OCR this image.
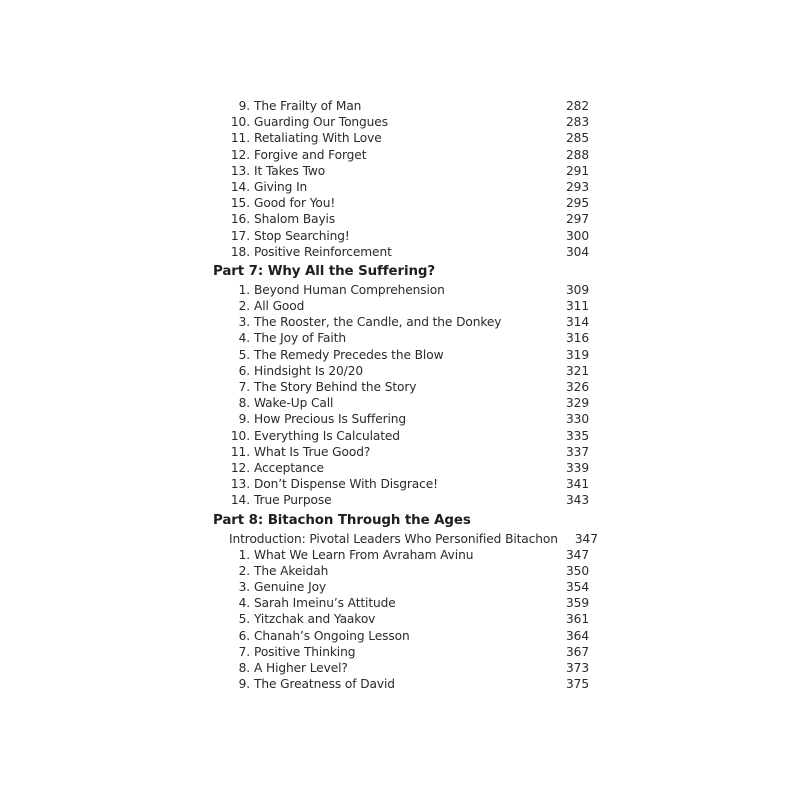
9. The Frailty of Man	282
10. Guarding Our Tongues	283
11. Retaliating With Love	285
12. Forgive and Forget	288
13. It Takes Two	291
14. Giving In	293
15. Good for You!	295
16. Shalom Bayis	297
17. Stop Searching!	300
18. Positive Reinforcement	304
Part 7: Why All the Suffering?
1. Beyond Human Comprehension	309
2. All Good	311
3. The Rooster, the Candle, and the Donkey	314
4. The Joy of Faith	316
5. The Remedy Precedes the Blow	319
6. Hindsight Is 20/20	321
7. The Story Behind the Story	326
8. Wake-Up Call	329
9. How Precious Is Suffering	330
10. Everything Is Calculated	335
11. What Is True Good?	337
12. Acceptance	339
13. Don’t Dispense With Disgrace!	341
14. True Purpose	343
Part 8: Bitachon Through the Ages
Introduction: Pivotal Leaders Who Personified Bitachon	347
1. What We Learn From Avraham Avinu	347
2. The Akeidah	350
3. Genuine Joy	354
4. Sarah Imeinu’s Attitude	359
5. Yitzchak and Yaakov	361
6. Chanah’s Ongoing Lesson	364
7. Positive Thinking	367
8. A Higher Level?	373
9. The Greatness of David	375
